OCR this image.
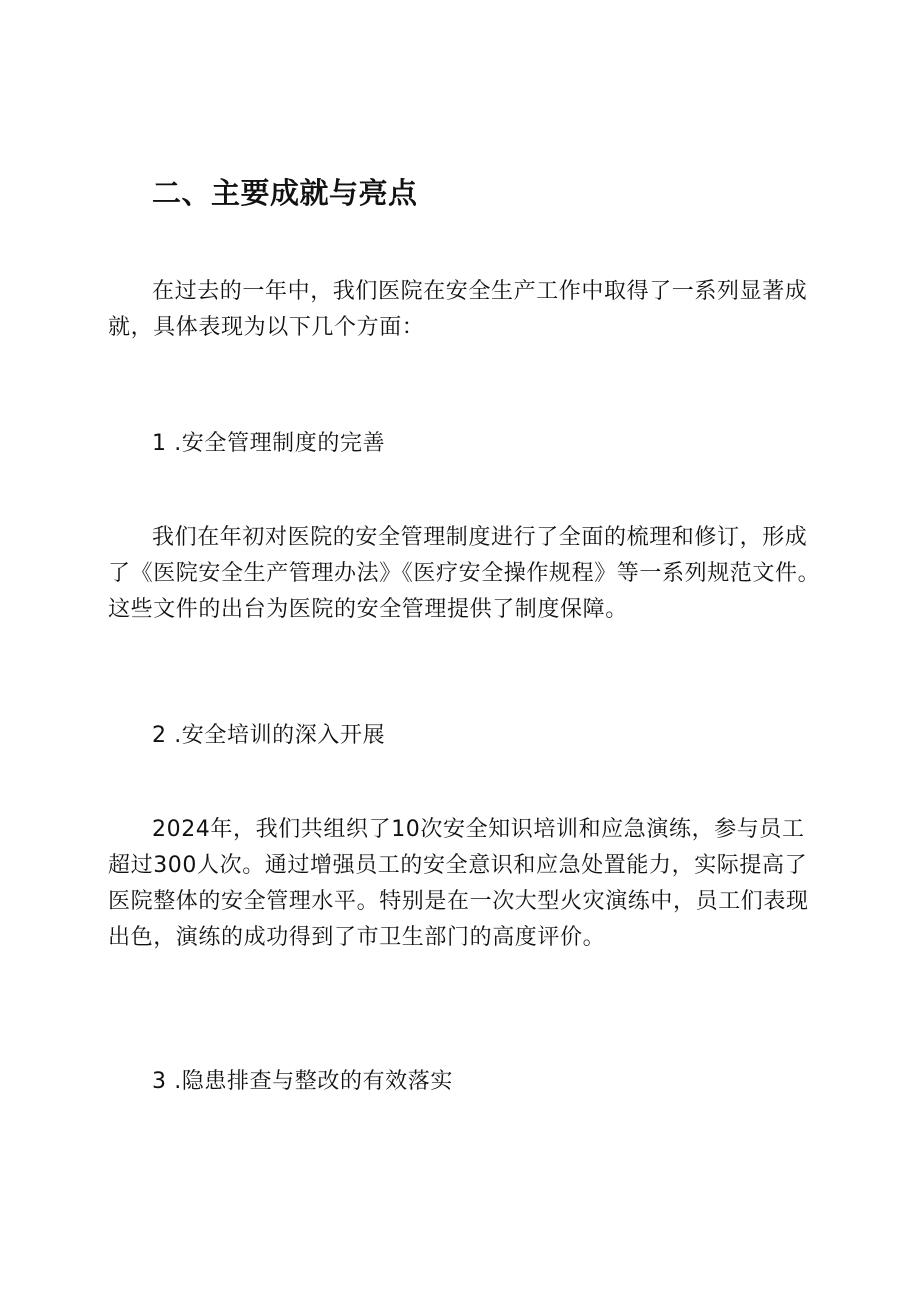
二、主要成就与亮点

在过去的一年中，我们医院在安全生产工作中取得了一系列显著成
就，具体表现为以下几个方面：

1 .安全管理制度的完善

我们在年初对医院的安全管理制度进行了全面的梳理和修订，形成
了《医院安全生产管理办法》《医疗安全操作规程》等一系列规范文件。
这些文件的出台为医院的安全管理提供了制度保障。

2 .安全培训的深入开展

2024年，我们共组织了10次安全知识培训和应急演练，参与员工
超过300人次。通过增强员工的安全意识和应急处置能力，实际提高了
医院整体的安全管理水平。特别是在一次大型火灾演练中，员工们表现
出色，演练的成功得到了市卫生部门的高度评价。

3 .隐患排查与整改的有效落实
